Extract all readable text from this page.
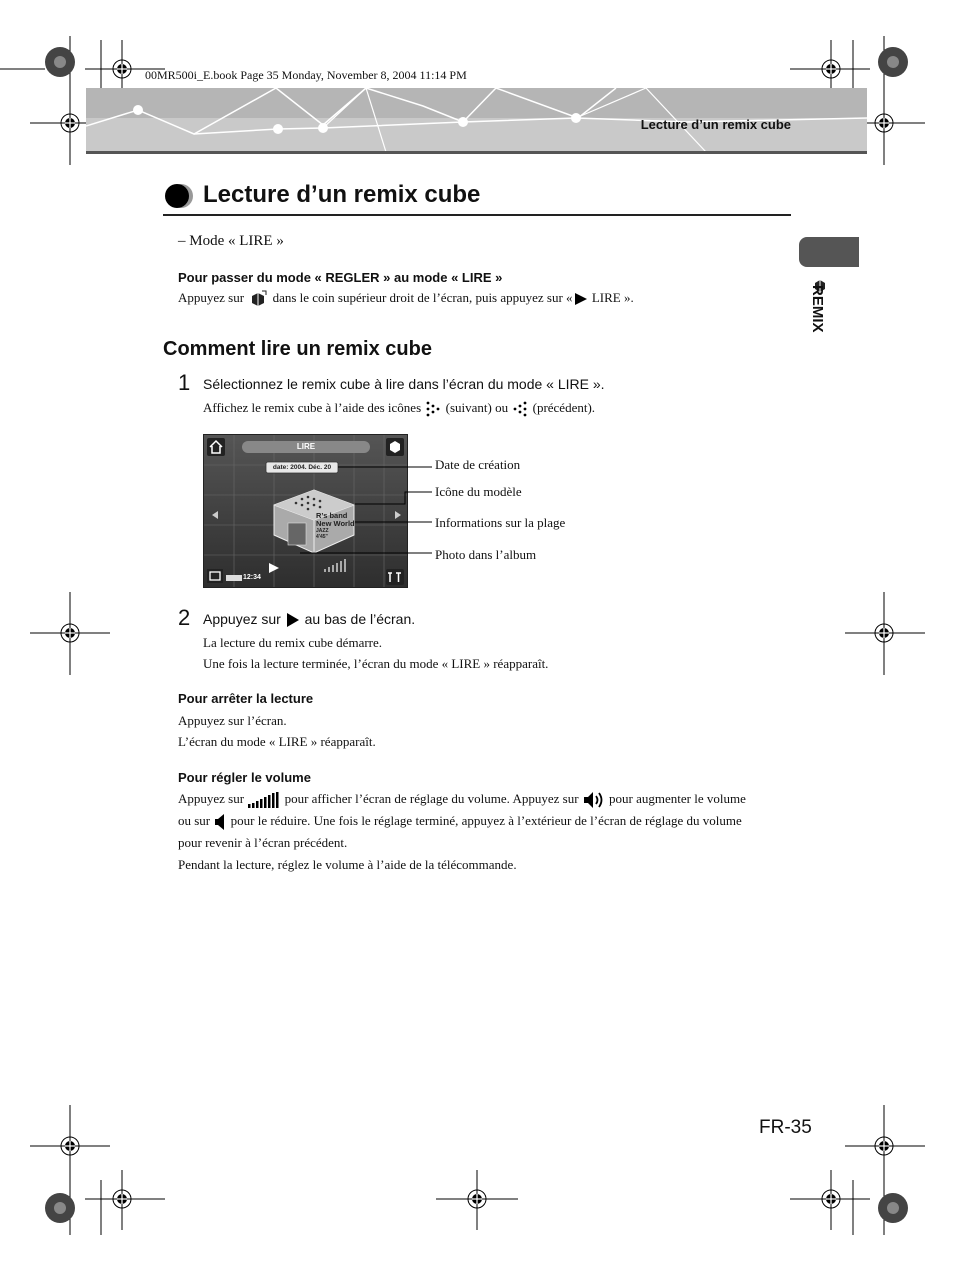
00MR500i_E.book Page 35 Monday, November 8, 2004 11:14 PM
Lecture d’un remix cube
Lecture d’un remix cube
REMIX
– Mode « LIRE »
Pour passer du mode « REGLER » au mode « LIRE »
Appuyez sur dans le coin supérieur droit de l’écran, puis appuyez sur « LIRE ».
Comment lire un remix cube
1 Sélectionnez le remix cube à lire dans l’écran du mode « LIRE ».
Affichez le remix cube à l’aide des icônes (suivant) ou (précédent).
LIRE
date: 2004. Déc. 20
R’s band
New World
JAZZ
4'45"
12:34
Date de création
Icône du modèle
Informations sur la plage
Photo dans l’album
2 Appuyez sur au bas de l’écran.
La lecture du remix cube démarre.
Une fois la lecture terminée, l’écran du mode « LIRE » réapparaît.
Pour arrêter la lecture
Appuyez sur l’écran.
L’écran du mode « LIRE » réapparaît.
Pour régler le volume
Appuyez sur	pour afficher l’écran de réglage du volume. Appuyez sur pour augmenter le volume
ou sur pour le réduire. Une fois le réglage terminé, appuyez à l’extérieur de l’écran de réglage du volume
pour revenir à l’écran précédent.
Pendant la lecture, réglez le volume à l’aide de la télécommande.
FR-35
